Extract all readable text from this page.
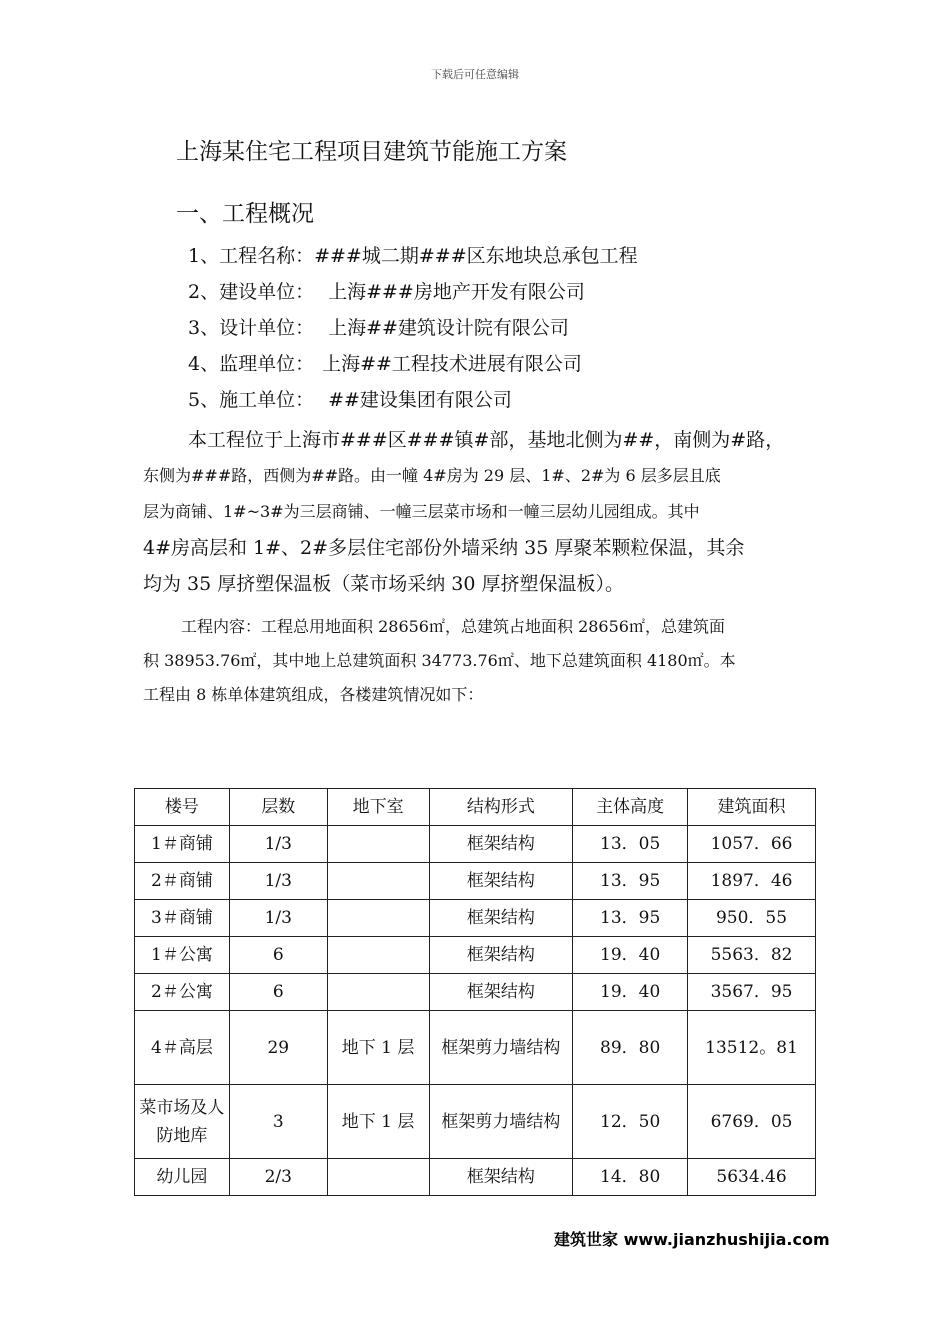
下载后可任意编辑
上海某住宅工程项目建筑节能施工方案
一、工程概况
1、工程名称：###城二期###区东地块总承包工程
2、建设单位： 上海###房地产开发有限公司
3、设计单位： 上海##建筑设计院有限公司
4、监理单位： 上海##工程技术进展有限公司
5、施工单位： ##建设集团有限公司
本工程位于上海市###区###镇#部，基地北侧为##，南侧为#路，
东侧为###路，西侧为##路。由一幢 4#房为 29 层、1#、2#为 6 层多层且底
层为商铺、1#~3#为三层商铺、一幢三层菜市场和一幢三层幼儿园组成。其中
4#房高层和 1#、2#多层住宅部份外墙采纳 35 厚聚苯颗粒保温，其余
均为 35 厚挤塑保温板（菜市场采纳 30 厚挤塑保温板）。
工程内容：工程总用地面积 28656㎡，总建筑占地面积 28656㎡，总建筑面
积 38953.76㎡，其中地上总建筑面积 34773.76㎡、地下总建筑面积 4180㎡。本
工程由 8 栋单体建筑组成，各楼建筑情况如下：
楼号	层数	地下室	结构形式	主体高度	建筑面积
1＃商铺	1/3		框架结构	13．05	1057．66
2＃商铺	1/3		框架结构	13．95	1897．46
3＃商铺	1/3		框架结构	13．95	950．55
1＃公寓	6		框架结构	19．40	5563．82
2＃公寓	6		框架结构	19．40	3567．95
4＃高层	29	地下 1 层	框架剪力墙结构	89．80	13512。81
菜市场及人防地库	3	地下 1 层	框架剪力墙结构	12．50	6769．05
幼儿园	2/3		框架结构	14．80	5634.46
建筑世家 www.jianzhushijia.com
